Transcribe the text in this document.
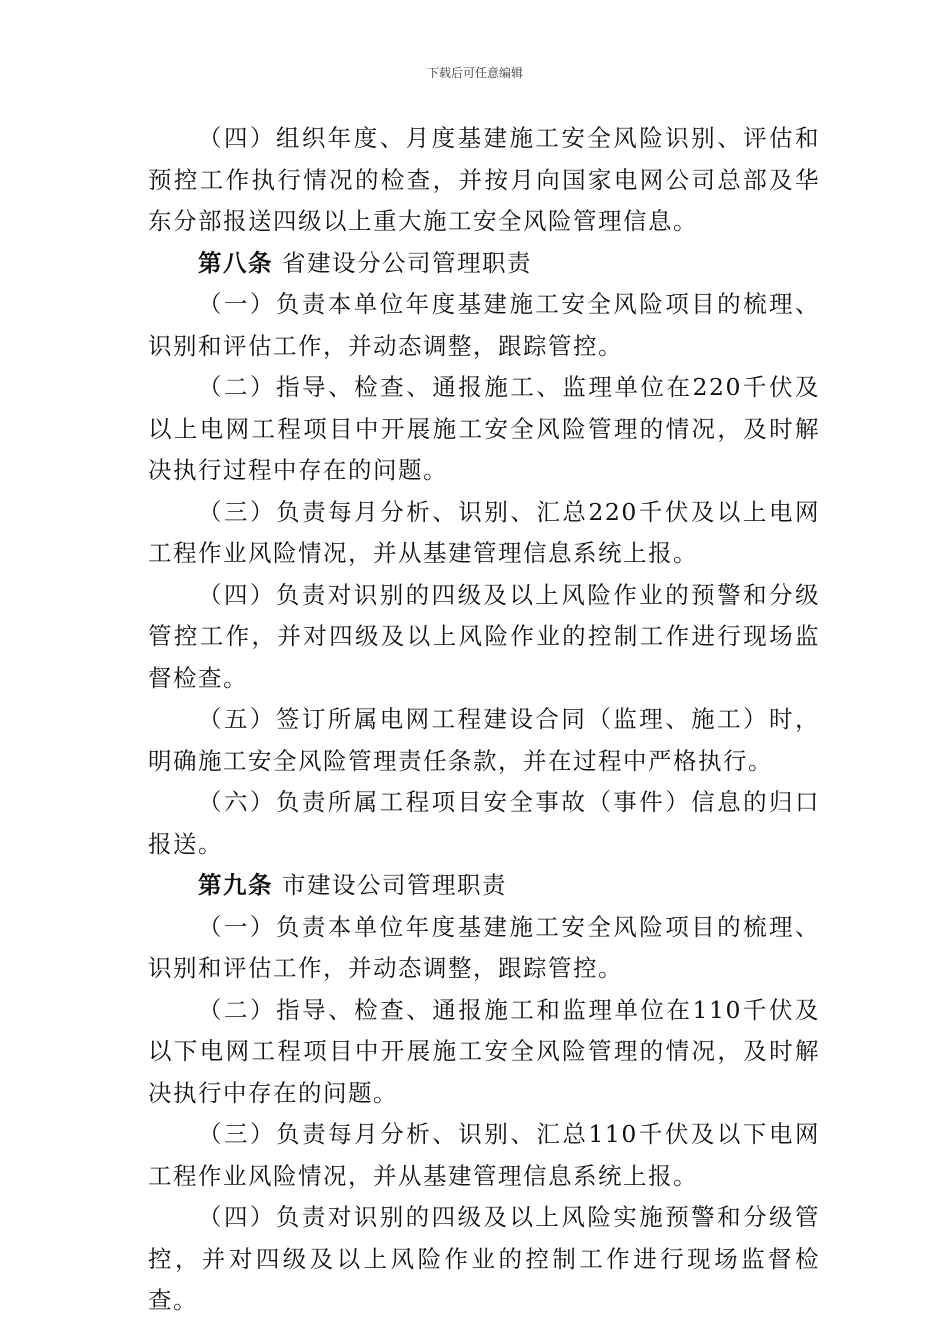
下载后可任意编辑

（四）组织年度、月度基建施工安全风险识别、评估和预控工作执行情况的检查，并按月向国家电网公司总部及华东分部报送四级以上重大施工安全风险管理信息。

第八条 省建设分公司管理职责

（一）负责本单位年度基建施工安全风险项目的梳理、识别和评估工作，并动态调整，跟踪管控。

（二）指导、检查、通报施工、监理单位在220千伏及以上电网工程项目中开展施工安全风险管理的情况，及时解决执行过程中存在的问题。

（三）负责每月分析、识别、汇总220千伏及以上电网工程作业风险情况，并从基建管理信息系统上报。

（四）负责对识别的四级及以上风险作业的预警和分级管控工作，并对四级及以上风险作业的控制工作进行现场监督检查。

（五）签订所属电网工程建设合同（监理、施工）时，明确施工安全风险管理责任条款，并在过程中严格执行。

（六）负责所属工程项目安全事故（事件）信息的归口报送。

第九条 市建设公司管理职责

（一）负责本单位年度基建施工安全风险项目的梳理、识别和评估工作，并动态调整，跟踪管控。

（二）指导、检查、通报施工和监理单位在110千伏及以下电网工程项目中开展施工安全风险管理的情况，及时解决执行中存在的问题。

（三）负责每月分析、识别、汇总110千伏及以下电网工程作业风险情况，并从基建管理信息系统上报。

（四）负责对识别的四级及以上风险实施预警和分级管控，并对四级及以上风险作业的控制工作进行现场监督检查。
